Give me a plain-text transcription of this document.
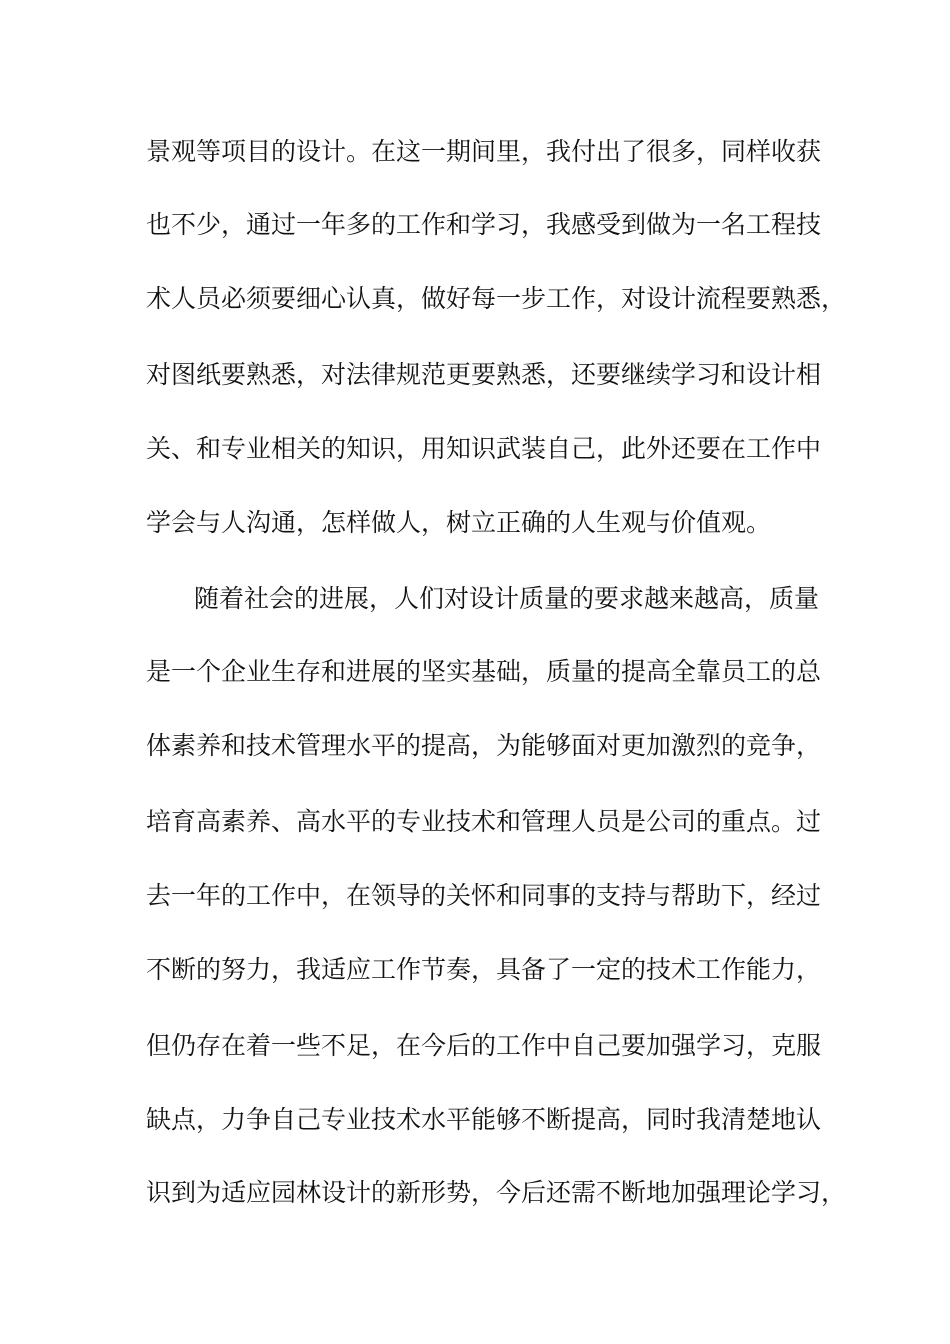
景观等项目的设计。在这一期间里，我付出了很多，同样收获
也不少，通过一年多的工作和学习，我感受到做为一名工程技
术人员必须要细心认真，做好每一步工作，对设计流程要熟悉，
对图纸要熟悉，对法律规范更要熟悉，还要继续学习和设计相
关、和专业相关的知识，用知识武装自己，此外还要在工作中
学会与人沟通，怎样做人，树立正确的人生观与价值观。
随着社会的进展，人们对设计质量的要求越来越高，质量
是一个企业生存和进展的坚实基础，质量的提高全靠员工的总
体素养和技术管理水平的提高，为能够面对更加激烈的竞争，
培育高素养、高水平的专业技术和管理人员是公司的重点。过
去一年的工作中，在领导的关怀和同事的支持与帮助下，经过
不断的努力，我适应工作节奏，具备了一定的技术工作能力，
但仍存在着一些不足，在今后的工作中自己要加强学习，克服
缺点，力争自己专业技术水平能够不断提高，同时我清楚地认
识到为适应园林设计的新形势，今后还需不断地加强理论学习，
